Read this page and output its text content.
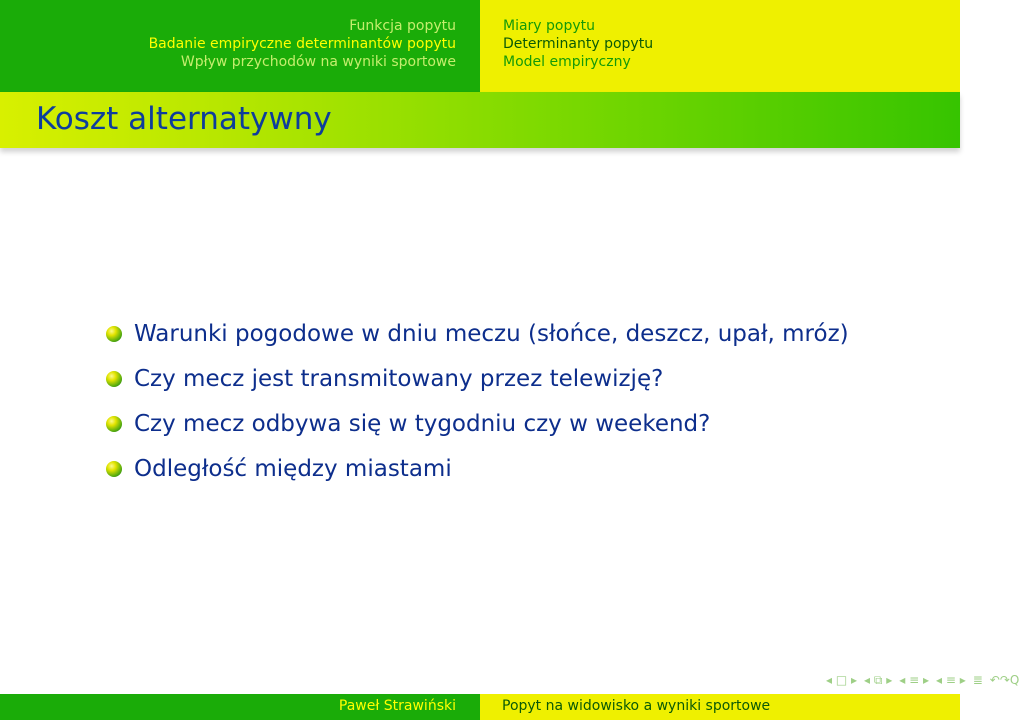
Funkcja popytu
Badanie empiryczne determinantów popytu
Wpływ przychodów na wyniki sportowe
Miary popytu
Determinanty popytu
Model empiryczny
Koszt alternatywny
Warunki pogodowe w dniu meczu (słońce, deszcz, upał, mróz)
Czy mecz jest transmitowany przez telewizję?
Czy mecz odbywa się w tygodniu czy w weekend?
Odległość między miastami
◂ □ ▸ ◂ ⧉ ▸ ◂ ≡ ▸ ◂ ≡ ▸ ≣ ↶↷Q
Paweł Strawiński	Popyt na widowisko a wyniki sportowe
